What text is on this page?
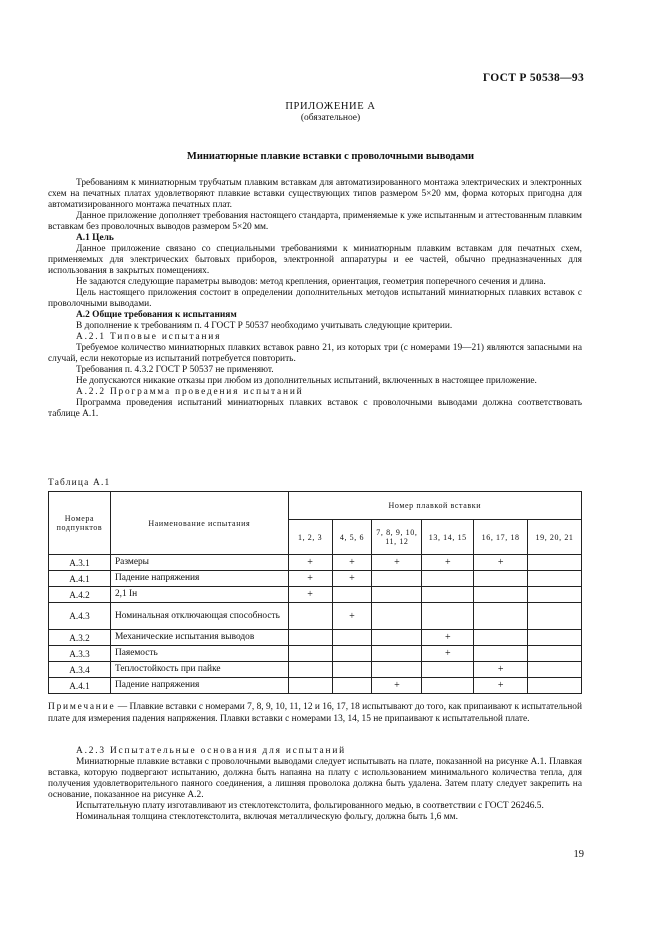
ГОСТ Р 50538—93
ПРИЛОЖЕНИЕ А
(обязательное)
Миниатюрные плавкие вставки с проволочными выводами

Требованиям к миниатюрным трубчатым плавким вставкам для автоматизированного монтажа электрических и электронных схем на печатных платах удовлетворяют плавкие вставки существующих типов размером 5×20 мм, форма которых пригодна для автоматизированного монтажа печатных плат.

Данное приложение дополняет требования настоящего стандарта, применяемые к уже испытанным и аттестованным плавким вставкам без проволочных выводов размером 5×20 мм.

А.1 Цель

Данное приложение связано со специальными требованиями к миниатюрным плавким вставкам для печатных схем, применяемых для электрических бытовых приборов, электронной аппаратуры и ее частей, обычно предназначенных для использования в закрытых помещениях.

Не задаются следующие параметры выводов: метод крепления, ориентация, геометрия поперечного сечения и длина.

Цель настоящего приложения состоит в определении дополнительных методов испытаний миниатюрных плавких вставок с проволочными выводами.

А.2 Общие требования к испытаниям

В дополнение к требованиям п. 4 ГОСТ Р 50537 необходимо учитывать следующие критерии.

А.2.1 Типовые испытания

Требуемое количество миниатюрных плавких вставок равно 21, из которых три (с номерами 19—21) являются запасными на случай, если некоторые из испытаний потребуется повторить.

Требования п. 4.3.2 ГОСТ Р 50537 не применяют.

Не допускаются никакие отказы при любом из дополнительных испытаний, включенных в настоящее приложение.

А.2.2 Программа проведения испытаний

Программа проведения испытаний миниатюрных плавких вставок с проволочными выводами должна соответствовать таблице А.1.

Таблица А.1
Номера подпунктов	Наименование испытания	Номер плавкой вставки					
		1, 2, 3	4, 5, 6	7, 8, 9, 10, 11, 12	13, 14, 15	16, 17, 18	19, 20, 21
А.3.1	Размеры	+	+	+	+	+	
А.4.1	Падение напряжения	+	+				
А.4.2	2,1 Iн	+					
А.4.3	Номинальная отключающая способность		+				
А.3.2	Механические испытания выводов				+		
А.3.3	Паяемость				+		
А.3.4	Теплостойкость при пайке					+	
А.4.1	Падение напряжения			+		+	
Примечание — Плавкие вставки с номерами 7, 8, 9, 10, 11, 12 и 16, 17, 18 испытывают до того, как припаивают к испытательной плате для измерения падения напряжения. Плавки вставки с номерами 13, 14, 15 не припаивают к испытательной плате.

А.2.3 Испытательные основания для испытаний

Миниатюрные плавкие вставки с проволочными выводами следует испытывать на плате, показанной на рисунке А.1. Плавкая вставка, которую подвергают испытанию, должна быть напаяна на плату с использованием минимального количества тепла, для получения удовлетворительного паяного соединения, а лишняя проволока должна быть удалена. Затем плату следует закрепить на основание, показанное на рисунке А.2.

Испытательную плату изготавливают из стеклотекстолита, фольгированного медью, в соответствии с ГОСТ 26246.5.

Номинальная толщина стеклотекстолита, включая металлическую фольгу, должна быть 1,6 мм.

19
